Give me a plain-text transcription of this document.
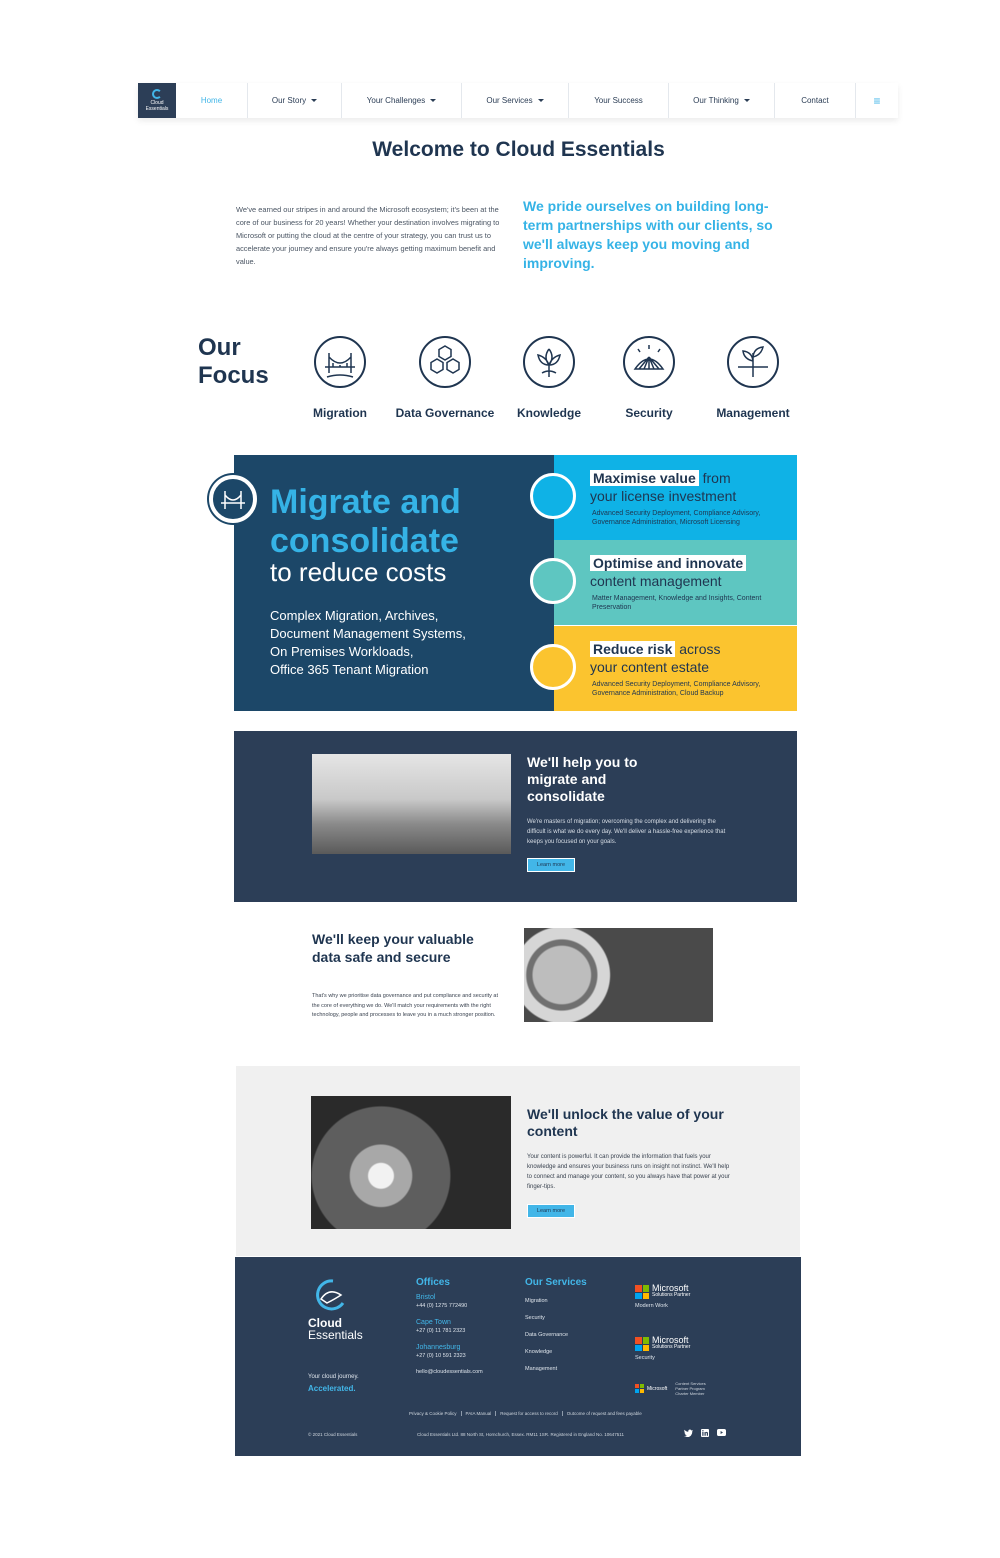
Cloud
Essentials
Home	Our Story	Your Challenges	Our Services	Your Success	Our Thinking	Contact	≡
Welcome to Cloud Essentials
We've earned our stripes in and around the Microsoft ecosystem; it's been at the core of our business for 20 years! Whether your destination involves migrating to Microsoft or putting the cloud at the centre of your strategy, you can trust us to accelerate your journey and ensure you're always getting maximum benefit and value.
We pride ourselves on building long-term partnerships with our clients, so we'll always keep you moving and improving.
Our
Focus
Migration	Data Governance	Knowledge	Security	Management
Migrate and
consolidate
to reduce costs
Complex Migration, Archives,
Document Management Systems,
On Premises Workloads,
Office 365 Tenant Migration
Maximise value from
your license investment
Advanced Security Deployment, Compliance Advisory, Governance Administration, Microsoft Licensing
Optimise and innovate
content management
Matter Management, Knowledge and Insights, Content Preservation
Reduce risk across
your content estate
Advanced Security Deployment, Compliance Advisory, Governance Administration, Cloud Backup
We'll help you to migrate and consolidate
We're masters of migration; overcoming the complex and delivering the difficult is what we do every day. We'll deliver a hassle-free experience that keeps you focused on your goals.
Learn more
We'll keep your valuable data safe and secure
That's why we prioritise data governance and put compliance and security at the core of everything we do. We'll match your requirements with the right technology, people and processes to leave you in a much stronger position.
We'll unlock the value of your content
Your content is powerful. It can provide the information that fuels your knowledge and ensures your business runs on insight not instinct. We'll help to connect and manage your content, so you always have that power at your finger-tips.
Learn more
Cloud
Essentials
Your cloud journey.
Accelerated.
Offices
Bristol
+44 (0) 1275 772490
Cape Town
+27 (0) 11 781 2323
Johannesburg
+27 (0) 10 591 2323
hello@cloudessentials.com
Our Services
Migration
Security
Data Governance
Knowledge
Management
Microsoft
Solutions Partner
Modern Work
Microsoft
Solutions Partner
Security
Microsoft
Content Services
Partner Program
Charter Member
Privacy & Cookie Policy	PAIA Manual	Request for access to record	Outcome of request and fees payable
© 2021 Cloud Essentials	Cloud Essentials Ltd. 88 North St, Hornchurch, Essex. RM11 1SR. Registered in England No. 10647511
